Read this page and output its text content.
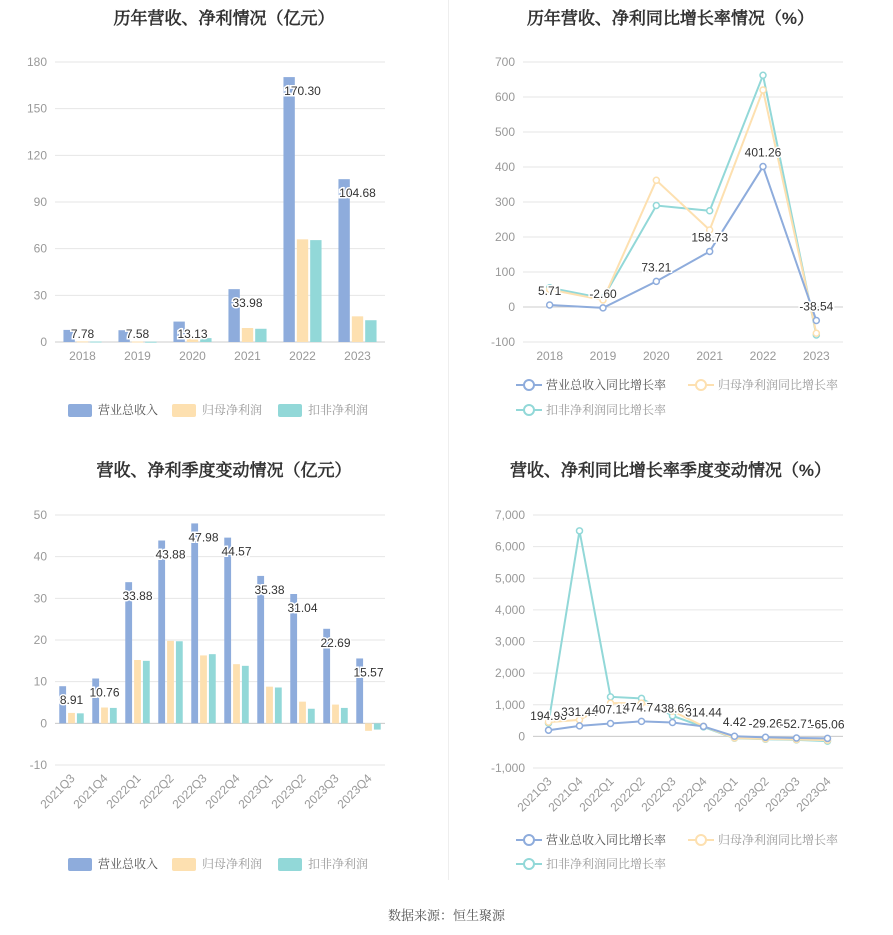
历年营收、净利情况（亿元）
0
30
60
90
120
150
180
2018 2019 2020 2021 2022 2023
7.78	7.58 13.13
33.98
170.30
104.68
营业总收入	归母净利润	扣非净利润
历年营收、净利同比增长率情况（%）
-100
0
100
200
300
400
500
600
700
2018 2019 2020 2021 2022 2023
5.71 -2.60
73.21
158.73
401.26
-38.54
营业总收入同比增长率	归母净利润同比增长率
扣非净利润同比增长率
营收、净利季度变动情况（亿元）
-10
0
10
20
30
40
50
2021Q3
2021Q4
2022Q1
2022Q2
2022Q3
2022Q4
2023Q1
2023Q2
2023Q3
2023Q4
8.91
10.76
33.88
43.88
47.98
44.57
35.38
31.04
22.69
15.57
营业总收入	归母净利润	扣非净利润
营收、净利同比增长率季度变动情况（%）
-1,000
0
1,000
2,000
3,000
4,000
5,000
6,000
7,000
2021Q3
2021Q4
2022Q1
2022Q2
2022Q3
2022Q4
2023Q1
2023Q2
2023Q3
2023Q4
194.96
331.44
407.15
474.74
438.66
314.44
4.42 -29.26
-52.71
-65.06
营业总收入同比增长率	归母净利润同比增长率
扣非净利润同比增长率
数据来源：恒生聚源
